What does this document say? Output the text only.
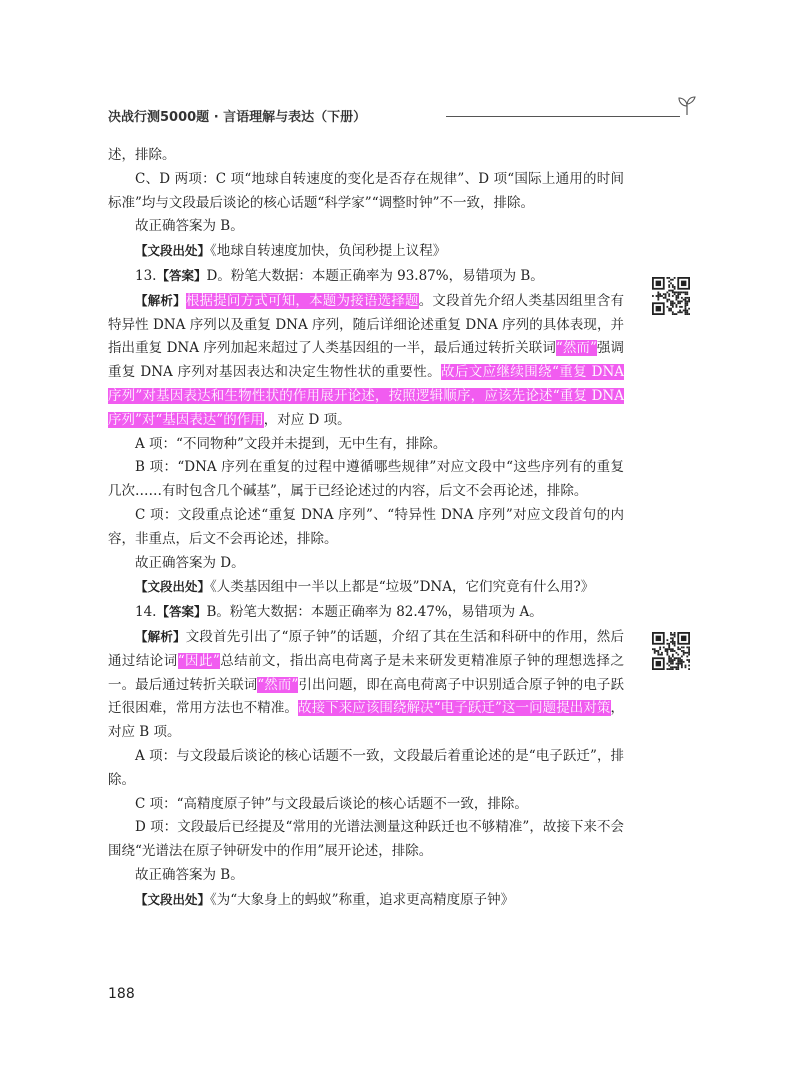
决战行测5000题 · 言语理解与表达（下册）

述，排除。

C、D 两项：C 项“地球自转速度的变化是否存在规律”、D 项“国际上通用的时间标准”均与文段最后谈论的核心话题“科学家”“调整时钟”不一致，排除。

故正确答案为 B。

【文段出处】《地球自转速度加快，负闰秒提上议程》

13.【答案】D。粉笔大数据：本题正确率为 93.87%，易错项为 B。

【解析】根据提问方式可知，本题为接语选择题。文段首先介绍人类基因组里含有特异性 DNA 序列以及重复 DNA 序列，随后详细论述重复 DNA 序列的具体表现，并指出重复 DNA 序列加起来超过了人类基因组的一半，最后通过转折关联词“然而”强调重复 DNA 序列对基因表达和决定生物性状的重要性。故后文应继续围绕“重复 DNA 序列”对基因表达和生物性状的作用展开论述，按照逻辑顺序，应该先论述“重复 DNA 序列”对“基因表达”的作用，对应 D 项。

A 项：“不同物种”文段并未提到，无中生有，排除。

B 项：“DNA 序列在重复的过程中遵循哪些规律”对应文段中“这些序列有的重复几次……有时包含几个碱基”，属于已经论述过的内容，后文不会再论述，排除。

C 项：文段重点论述“重复 DNA 序列”、“特异性 DNA 序列”对应文段首句的内容，非重点，后文不会再论述，排除。

故正确答案为 D。

【文段出处】《人类基因组中一半以上都是“垃圾”DNA，它们究竟有什么用?》

14.【答案】B。粉笔大数据：本题正确率为 82.47%，易错项为 A。

【解析】文段首先引出了“原子钟”的话题，介绍了其在生活和科研中的作用，然后通过结论词“因此”总结前文，指出高电荷离子是未来研发更精准原子钟的理想选择之一。最后通过转折关联词“然而”引出问题，即在高电荷离子中识别适合原子钟的电子跃迁很困难，常用方法也不精准。故接下来应该围绕解决“电子跃迁”这一问题提出对策，对应 B 项。

A 项：与文段最后谈论的核心话题不一致，文段最后着重论述的是“电子跃迁”，排除。

C 项：“高精度原子钟”与文段最后谈论的核心话题不一致，排除。

D 项：文段最后已经提及“常用的光谱法测量这种跃迁也不够精准”，故接下来不会围绕“光谱法在原子钟研发中的作用”展开论述，排除。

故正确答案为 B。

【文段出处】《为“大象身上的蚂蚁”称重，追求更高精度原子钟》

188
